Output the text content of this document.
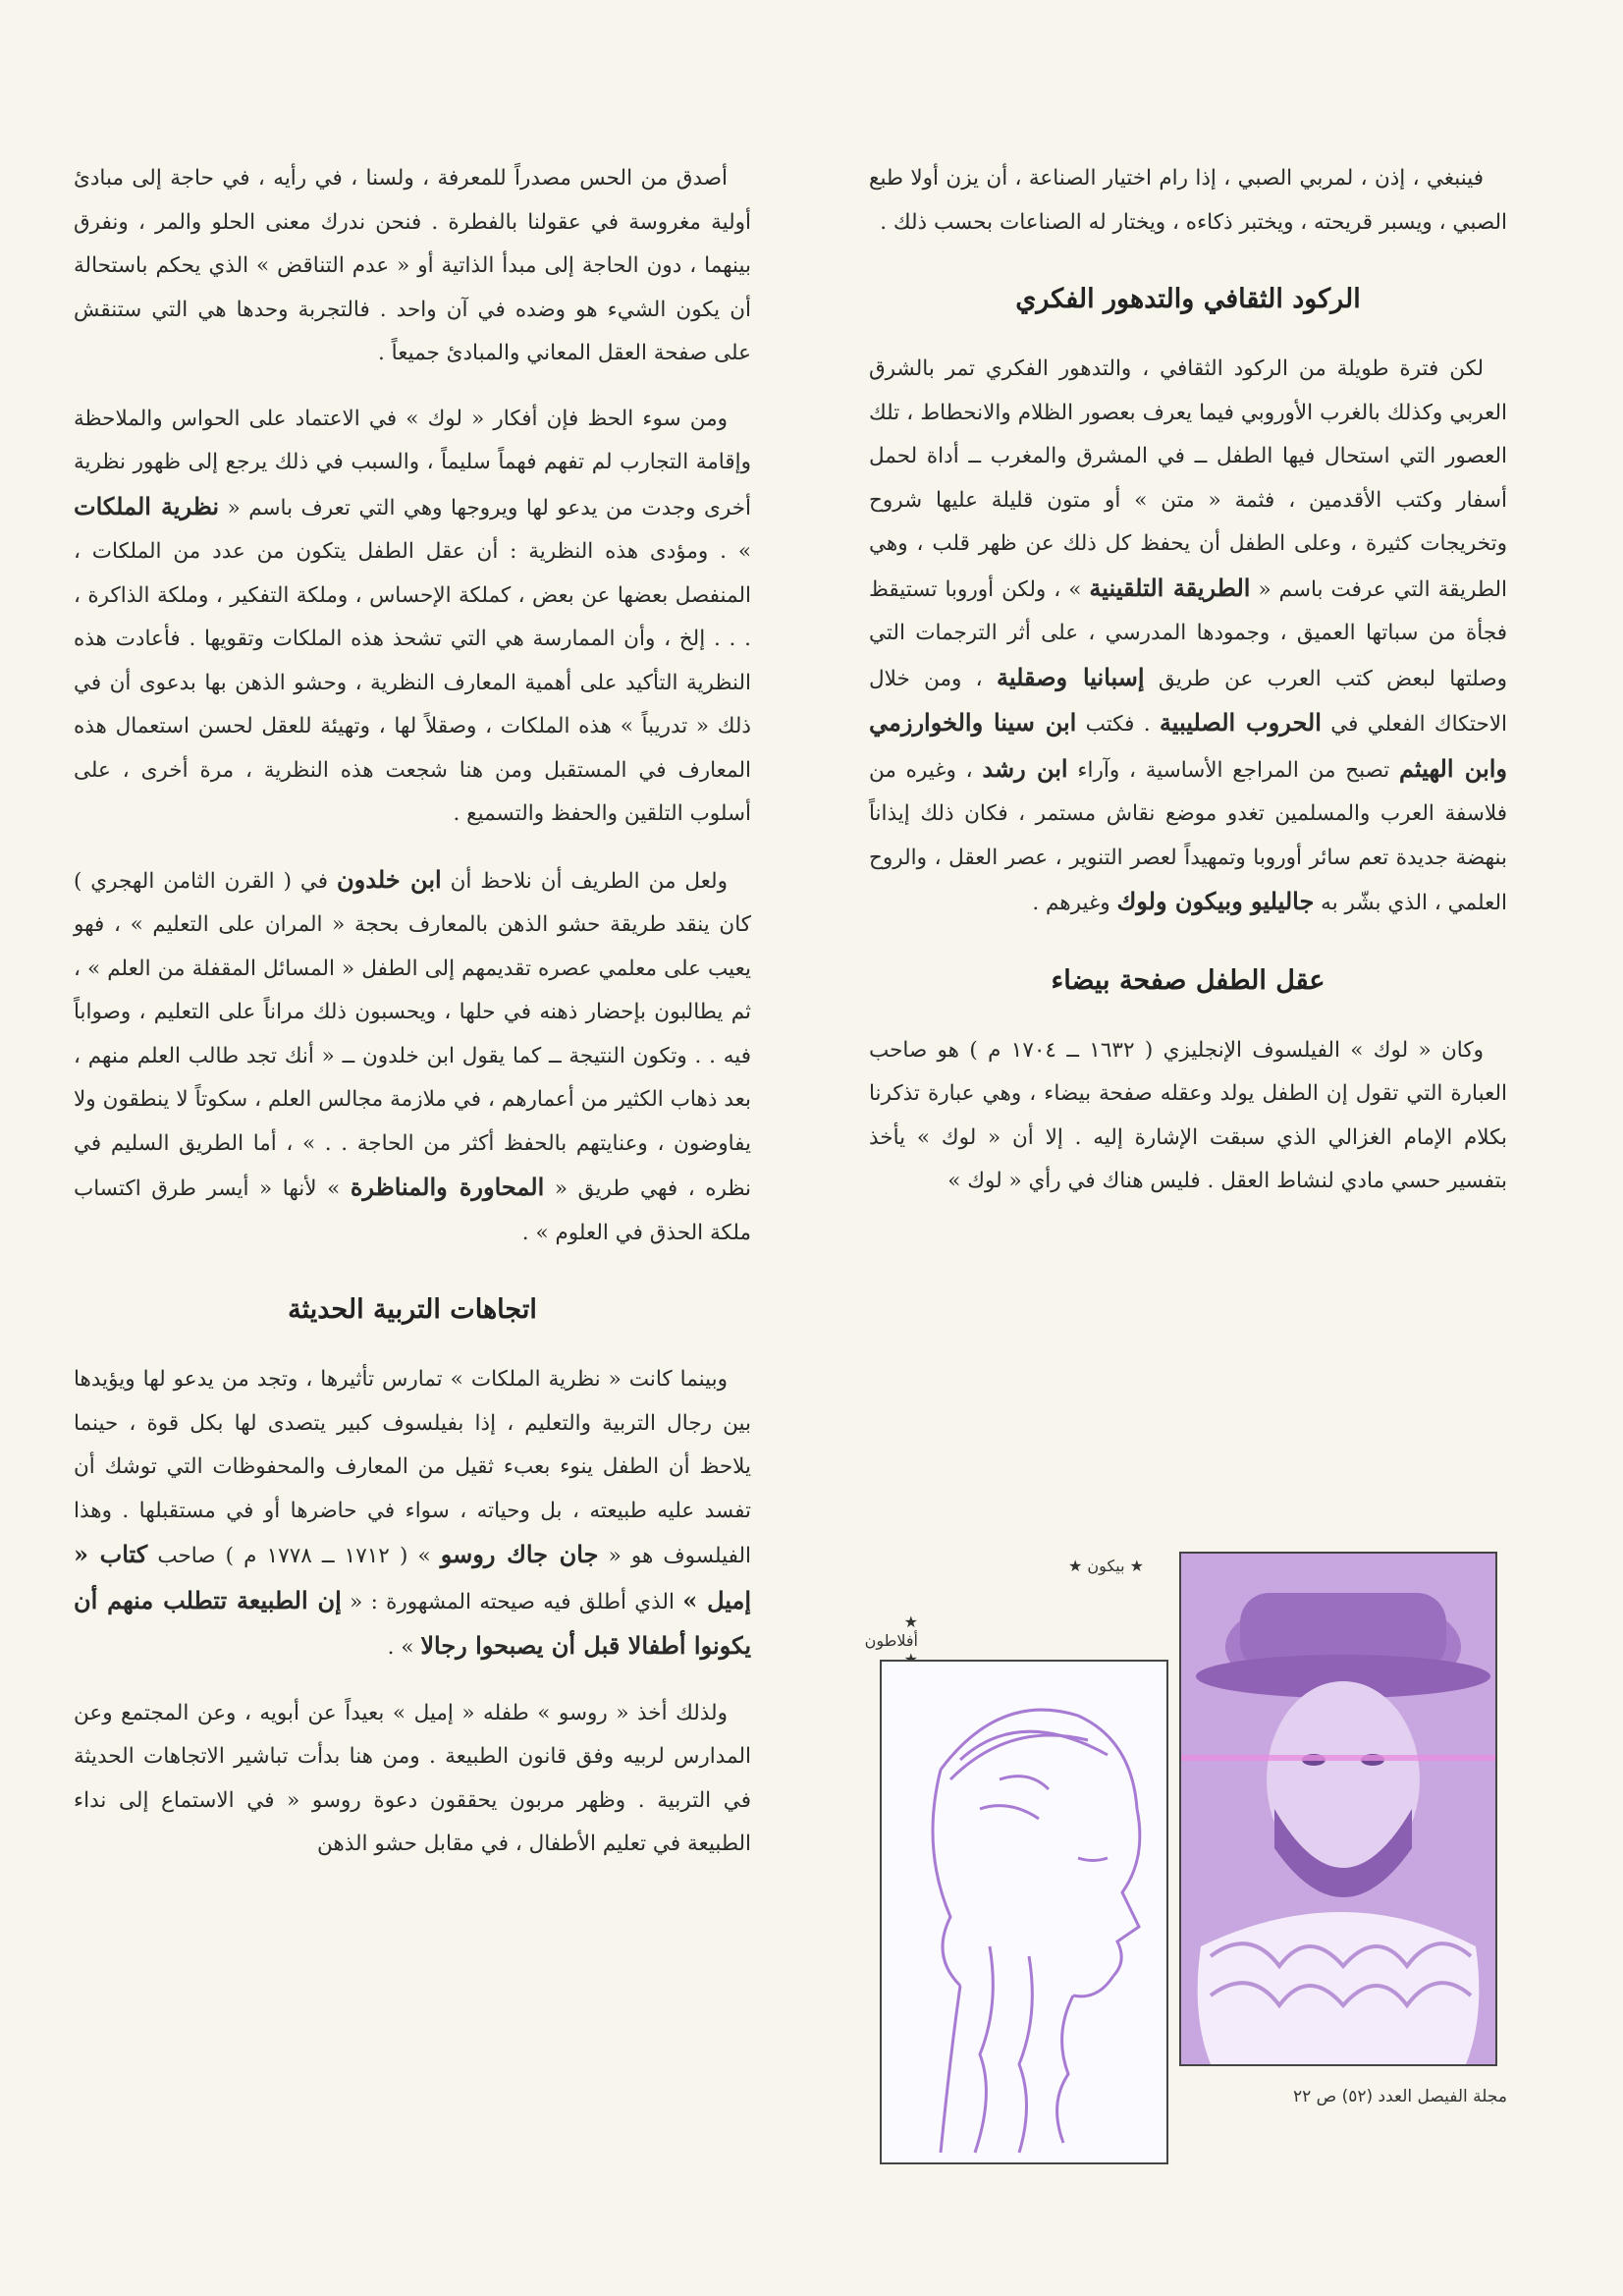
فينبغي ، إذن ، لمربي الصبي ، إذا رام اختيار الصناعة ، أن يزن أولا طبع الصبي ، ويسبر قريحته ، ويختبر ذكاءه ، ويختار له الصناعات بحسب ذلك .

الركود الثقافي والتدهور الفكري

لكن فترة طويلة من الركود الثقافي ، والتدهور الفكري تمر بالشرق العربي وكذلك بالغرب الأوروبي فيما يعرف بعصور الظلام والانحطاط ، تلك العصور التي استحال فيها الطفل ــ في المشرق والمغرب ــ أداة لحمل أسفار وكتب الأقدمين ، فثمة « متن » أو متون قليلة عليها شروح وتخريجات كثيرة ، وعلى الطفل أن يحفظ كل ذلك عن ظهر قلب ، وهي الطريقة التي عرفت باسم « الطريقة التلقينية » ، ولكن أوروبا تستيقظ فجأة من سباتها العميق ، وجمودها المدرسي ، على أثر الترجمات التي وصلتها لبعض كتب العرب عن طريق إسبانيا وصقلية ، ومن خلال الاحتكاك الفعلي في الحروب الصليبية . فكتب ابن سينا والخوارزمي وابن الهيثم تصبح من المراجع الأساسية ، وآراء ابن رشد ، وغيره من فلاسفة العرب والمسلمين تغدو موضع نقاش مستمر ، فكان ذلك إيذاناً بنهضة جديدة تعم سائر أوروبا وتمهيداً لعصر التنوير ، عصر العقل ، والروح العلمي ، الذي بشّر به جاليليو وبيكون ولوك وغيرهم .

عقل الطفل صفحة بيضاء

وكان « لوك » الفيلسوف الإنجليزي ( ١٦٣٢ ــ ١٧٠٤ م ) هو صاحب العبارة التي تقول إن الطفل يولد وعقله صفحة بيضاء ، وهي عبارة تذكرنا بكلام الإمام الغزالي الذي سبقت الإشارة إليه . إلا أن « لوك » يأخذ بتفسير حسي مادي لنشاط العقل . فليس هناك في رأي « لوك »

أصدق من الحس مصدراً للمعرفة ، ولسنا ، في رأيه ، في حاجة إلى مبادئ أولية مغروسة في عقولنا بالفطرة . فنحن ندرك معنى الحلو والمر ، ونفرق بينهما ، دون الحاجة إلى مبدأ الذاتية أو « عدم التناقض » الذي يحكم باستحالة أن يكون الشيء هو وضده في آن واحد . فالتجربة وحدها هي التي ستنقش على صفحة العقل المعاني والمبادئ جميعاً .

ومن سوء الحظ فإن أفكار « لوك » في الاعتماد على الحواس والملاحظة وإقامة التجارب لم تفهم فهماً سليماً ، والسبب في ذلك يرجع إلى ظهور نظرية أخرى وجدت من يدعو لها ويروجها وهي التي تعرف باسم « نظرية الملكات » . ومؤدى هذه النظرية : أن عقل الطفل يتكون من عدد من الملكات ، المنفصل بعضها عن بعض ، كملكة الإحساس ، وملكة التفكير ، وملكة الذاكرة ، . . . إلخ ، وأن الممارسة هي التي تشحذ هذه الملكات وتقويها . فأعادت هذه النظرية التأكيد على أهمية المعارف النظرية ، وحشو الذهن بها بدعوى أن في ذلك « تدريباً » هذه الملكات ، وصقلاً لها ، وتهيئة للعقل لحسن استعمال هذه المعارف في المستقبل ومن هنا شجعت هذه النظرية ، مرة أخرى ، على أسلوب التلقين والحفظ والتسميع .

ولعل من الطريف أن نلاحظ أن ابن خلدون في ( القرن الثامن الهجري ) كان ينقد طريقة حشو الذهن بالمعارف بحجة « المران على التعليم » ، فهو يعيب على معلمي عصره تقديمهم إلى الطفل « المسائل المقفلة من العلم » ، ثم يطالبون بإحضار ذهنه في حلها ، ويحسبون ذلك مراناً على التعليم ، وصواباً فيه . . وتكون النتيجة ــ كما يقول ابن خلدون ــ « أنك تجد طالب العلم منهم ، بعد ذهاب الكثير من أعمارهم ، في ملازمة مجالس العلم ، سكوتاً لا ينطقون ولا يفاوضون ، وعنايتهم بالحفظ أكثر من الحاجة . . » ، أما الطريق السليم في نظره ، فهي طريق « المحاورة والمناظرة » لأنها « أيسر طرق اكتساب ملكة الحذق في العلوم » .

اتجاهات التربية الحديثة

وبينما كانت « نظرية الملكات » تمارس تأثيرها ، وتجد من يدعو لها ويؤيدها بين رجال التربية والتعليم ، إذا بفيلسوف كبير يتصدى لها بكل قوة ، حينما يلاحظ أن الطفل ينوء بعبء ثقيل من المعارف والمحفوظات التي توشك أن تفسد عليه طبيعته ، بل وحياته ، سواء في حاضرها أو في مستقبلها . وهذا الفيلسوف هو « جان جاك روسو » ( ١٧١٢ ــ ١٧٧٨ م ) صاحب كتاب « إميل » الذي أطلق فيه صيحته المشهورة : « إن الطبيعة تتطلب منهم أن يكونوا أطفالا قبل أن يصبحوا رجالا » .

ولذلك أخذ « روسو » طفله « إميل » بعيداً عن أبويه ، وعن المجتمع وعن المدارس لربيه وفق قانون الطبيعة . ومن هنا بدأت تباشير الاتجاهات الحديثة في التربية . وظهر مربون يحققون دعوة روسو « في الاستماع إلى نداء الطبيعة في تعليم الأطفال ، في مقابل حشو الذهن

★ بيكون ★
★ أفلاطون
مجلة الفيصل العدد (٥٢) ص ٢٢
